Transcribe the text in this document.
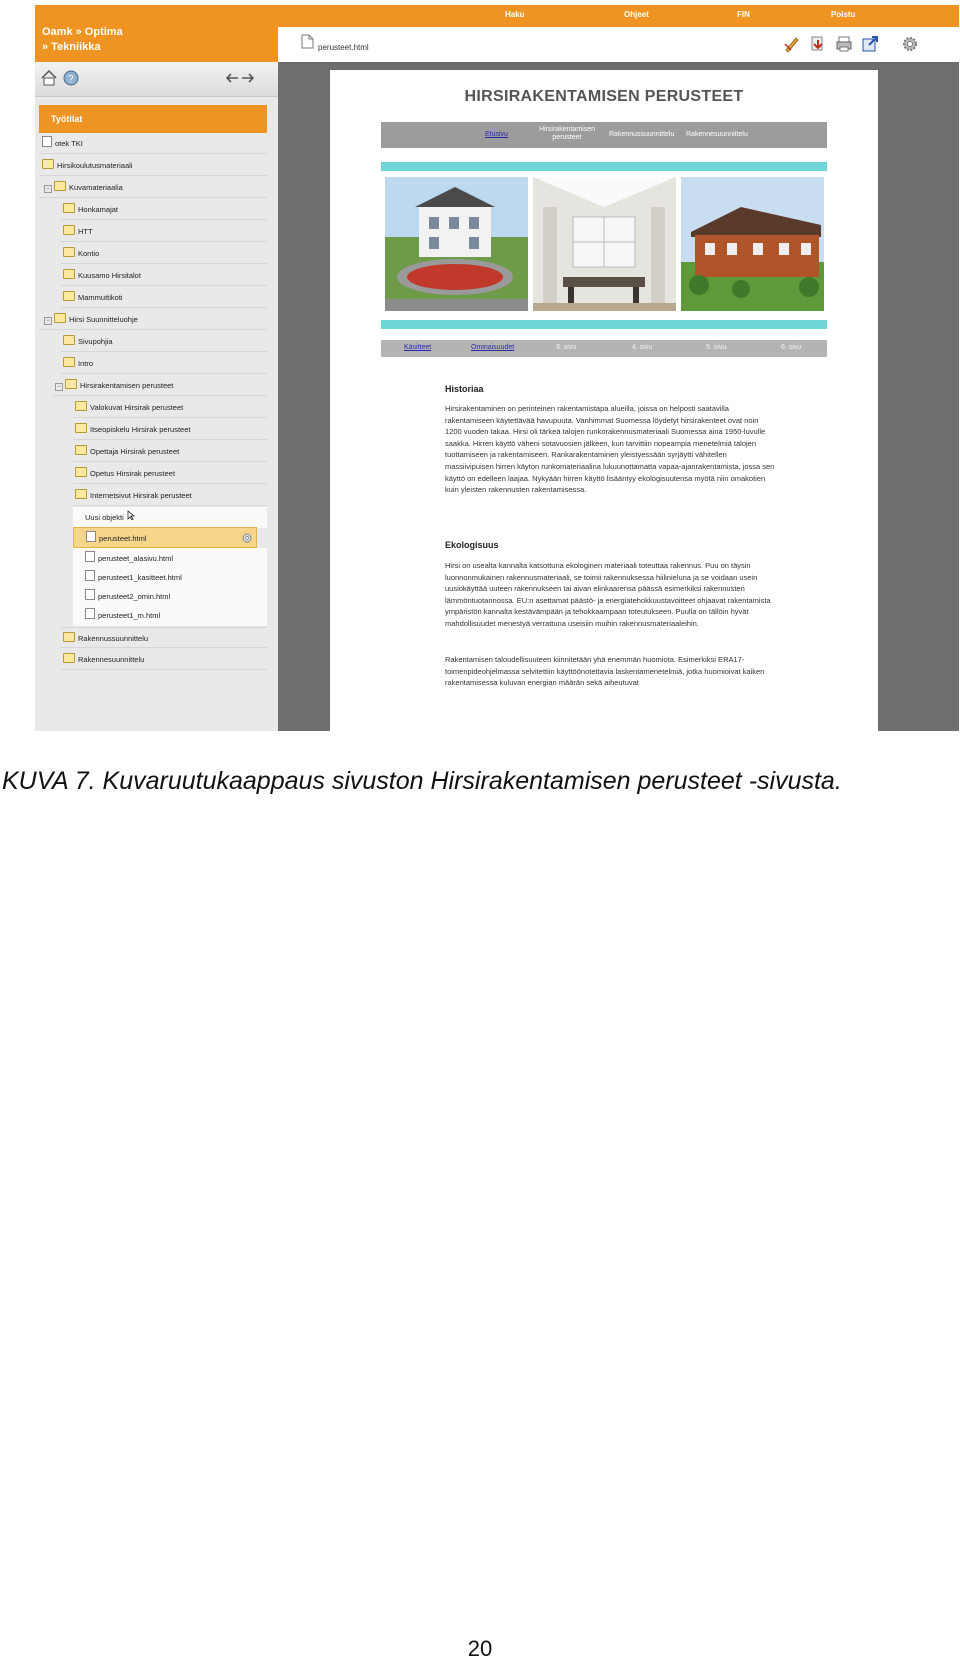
Haku	Ohjeet	FIN	Poistu
Oamk » Optima
» Tekniikka	perusteet.html
?
Työtilat
otek TKI
Hirsikoulutusmateriaali
−	Kuvamateriaalia
Honkamajat
HTT
Kontio
Kuusamo Hirsitalot
Mammuttikoti
−	Hirsi Suunnitteluohje
Sivupohjia
Intro
−	Hirsirakentamisen perusteet
Valokuvat Hirsirak perusteet
Itseopiskelu Hirsirak perusteet
Opettaja Hirsirak perusteet
Opetus Hirsirak perusteet
Internetsivut Hirsirak perusteet
Uusi objekti
perusteet.html
perusteet_alasivu.html
perusteet1_kasitteet.html
perusteet2_omin.html
perusteet1_m.html
Rakennussuunnittelu
Rakennesuunnittelu
HIRSIRAKENTAMISEN PERUSTEET
Etusivu
Hirsirakentamisen perusteet	Rakennussuunnittelu Rakennesuunnittelu
Käsitteet	Ominaisuudet	3. sivu	4. sivu	5. sivu	6. sivu
Historiaa

Hirsirakentaminen on perinteinen rakentamistapa alueilla, joissa on helposti saatavilla rakentamiseen käytettävää havupuuta. Vanhimmat Suomessa löydetyt hirsirakenteet ovat noin 1200 vuoden takaa. Hirsi oli tärkeä talojen runkorakennusmateriaali Suomessa aina 1950-luvulle saakka. Hirren käyttö väheni sotavuosien jälkeen, kun tarvittiin nopeampia menetelmiä talojen tuottamiseen ja rakentamiseen. Rankarakentaminen yleistyessään syrjäytti vähitellen massiivipuisen hirren käyton runkomateriaalina lukuunottamatta vapaa-ajanrakentamista, jossa sen käyttö on edelleen laajaa. Nykyään hirren käyttö lisääntyy ekologisuutensa myötä niin omakotien kuin yleisten rakennusten rakentamisessa.

Ekologisuus

Hirsi on usealta kannalta katsottuna ekologinen materiaali toteuttaa rakennus. Puu on täysin luonnonmukainen rakennusmateriaali, se toimii rakennuksessa hiilinieluna ja se voidaan usein uusiokäyttää uuteen rakennukseen tai aivan elinkaarensa päässä esimerkiksi rakennusten lämmöntuotannossa. EU:n asettamat päästö- ja energiatehokkuustavoitteet ohjaavat rakentamista ympäristön kannalta kestävämpään ja tehokkaampaan toteutukseen. Puulla on tällöin hyvät mahdollisuudet menestyä verrattuna useisiin muihin rakennusmateriaaleihin.

Rakentamisen taloudellisuuteen kiinnitetään yhä enemmän huomiota. Esimerkiksi ERA17-toimenpideohjelmassa selvitettiin käyttöönotettavia laskentamenetelmiä, jotka huomioivat kaiken rakentamisessa kuluvan energian määrän sekä aiheutuvat

KUVA 7. Kuvaruutukaappaus sivuston Hirsirakentamisen perusteet -sivusta.
20
